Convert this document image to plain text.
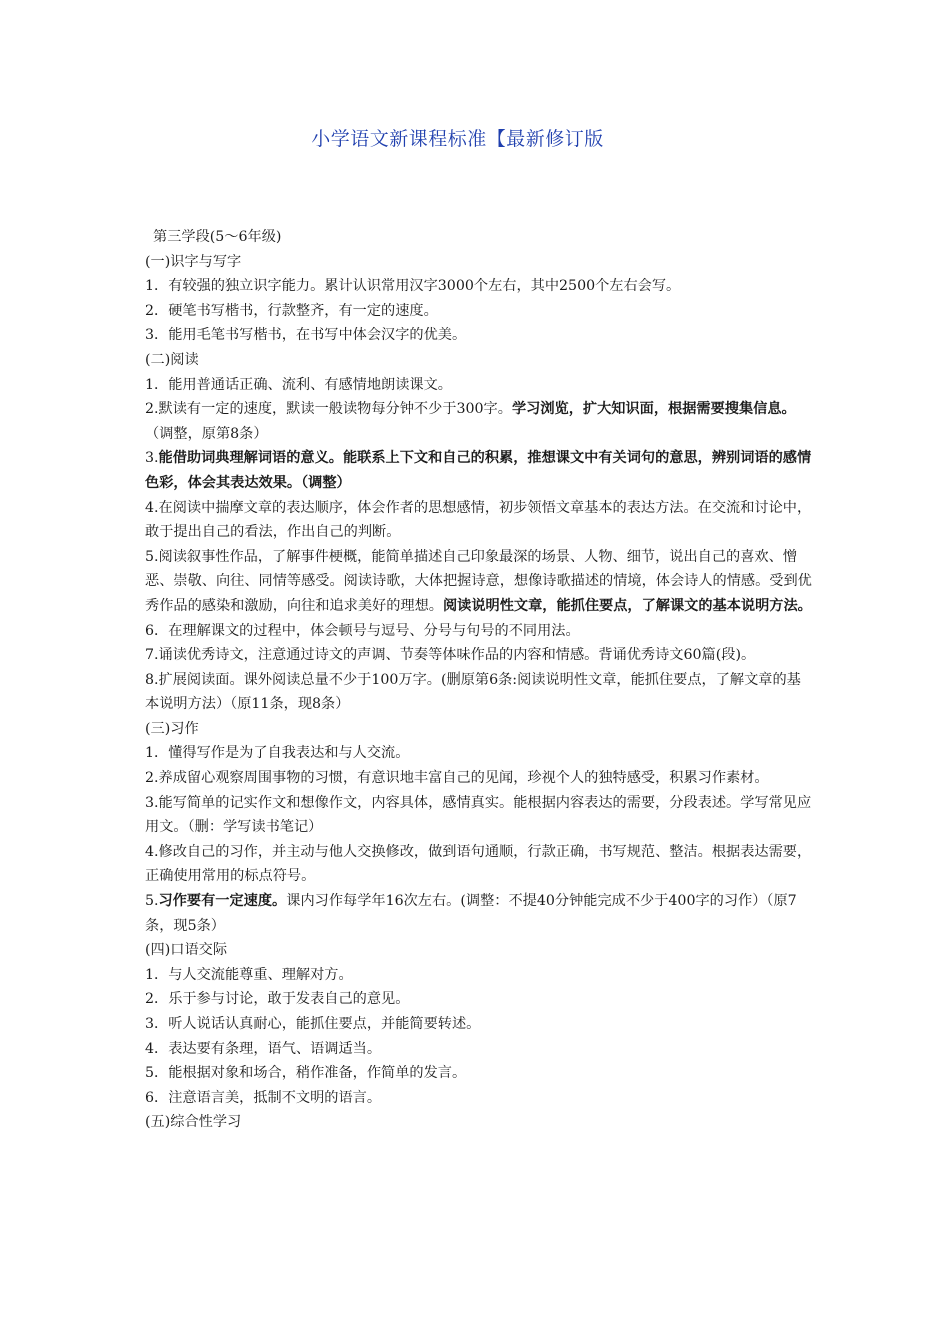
小学语文新课程标准【最新修订版

第三学段(5～6年级)

(一)识字与写字

1．有较强的独立识字能力。累计认识常用汉字3000个左右，其中2500个左右会写。

2．硬笔书写楷书，行款整齐，有一定的速度。

3．能用毛笔书写楷书，在书写中体会汉字的优美。

(二)阅读

1．能用普通话正确、流利、有感情地朗读课文。

2.默读有一定的速度，默读一般读物每分钟不少于300字。学习浏览，扩大知识面，根据需要搜集信息。（调整，原第8条）

3.能借助词典理解词语的意义。能联系上下文和自己的积累，推想课文中有关词句的意思，辨别词语的感情色彩，体会其表达效果。（调整）

4.在阅读中揣摩文章的表达顺序，体会作者的思想感情，初步领悟文章基本的表达方法。在交流和讨论中，敢于提出自己的看法，作出自己的判断。

5.阅读叙事性作品，了解事件梗概，能简单描述自己印象最深的场景、人物、细节，说出自己的喜欢、憎恶、崇敬、向往、同情等感受。阅读诗歌，大体把握诗意，想像诗歌描述的情境，体会诗人的情感。受到优秀作品的感染和激励，向往和追求美好的理想。阅读说明性文章，能抓住要点，了解课文的基本说明方法。

6．在理解课文的过程中，体会顿号与逗号、分号与句号的不同用法。

7.诵读优秀诗文，注意通过诗文的声调、节奏等体味作品的内容和情感。背诵优秀诗文60篇(段)。

8.扩展阅读面。课外阅读总量不少于100万字。(删原第6条:阅读说明性文章，能抓住要点，了解文章的基本说明方法）（原11条，现8条）

(三)习作

1．懂得写作是为了自我表达和与人交流。

2.养成留心观察周围事物的习惯，有意识地丰富自己的见闻，珍视个人的独特感受，积累习作素材。

3.能写简单的记实作文和想像作文，内容具体，感情真实。能根据内容表达的需要，分段表述。学写常见应用文。（删：学写读书笔记）

4.修改自己的习作，并主动与他人交换修改，做到语句通顺，行款正确，书写规范、整洁。根据表达需要，正确使用常用的标点符号。

5.习作要有一定速度。课内习作每学年16次左右。(调整：不提40分钟能完成不少于400字的习作）（原7条，现5条）

(四)口语交际

1．与人交流能尊重、理解对方。

2．乐于参与讨论，敢于发表自己的意见。

3．听人说话认真耐心，能抓住要点，并能简要转述。

4．表达要有条理，语气、语调适当。

5．能根据对象和场合，稍作准备，作简单的发言。

6．注意语言美，抵制不文明的语言。

(五)综合性学习
